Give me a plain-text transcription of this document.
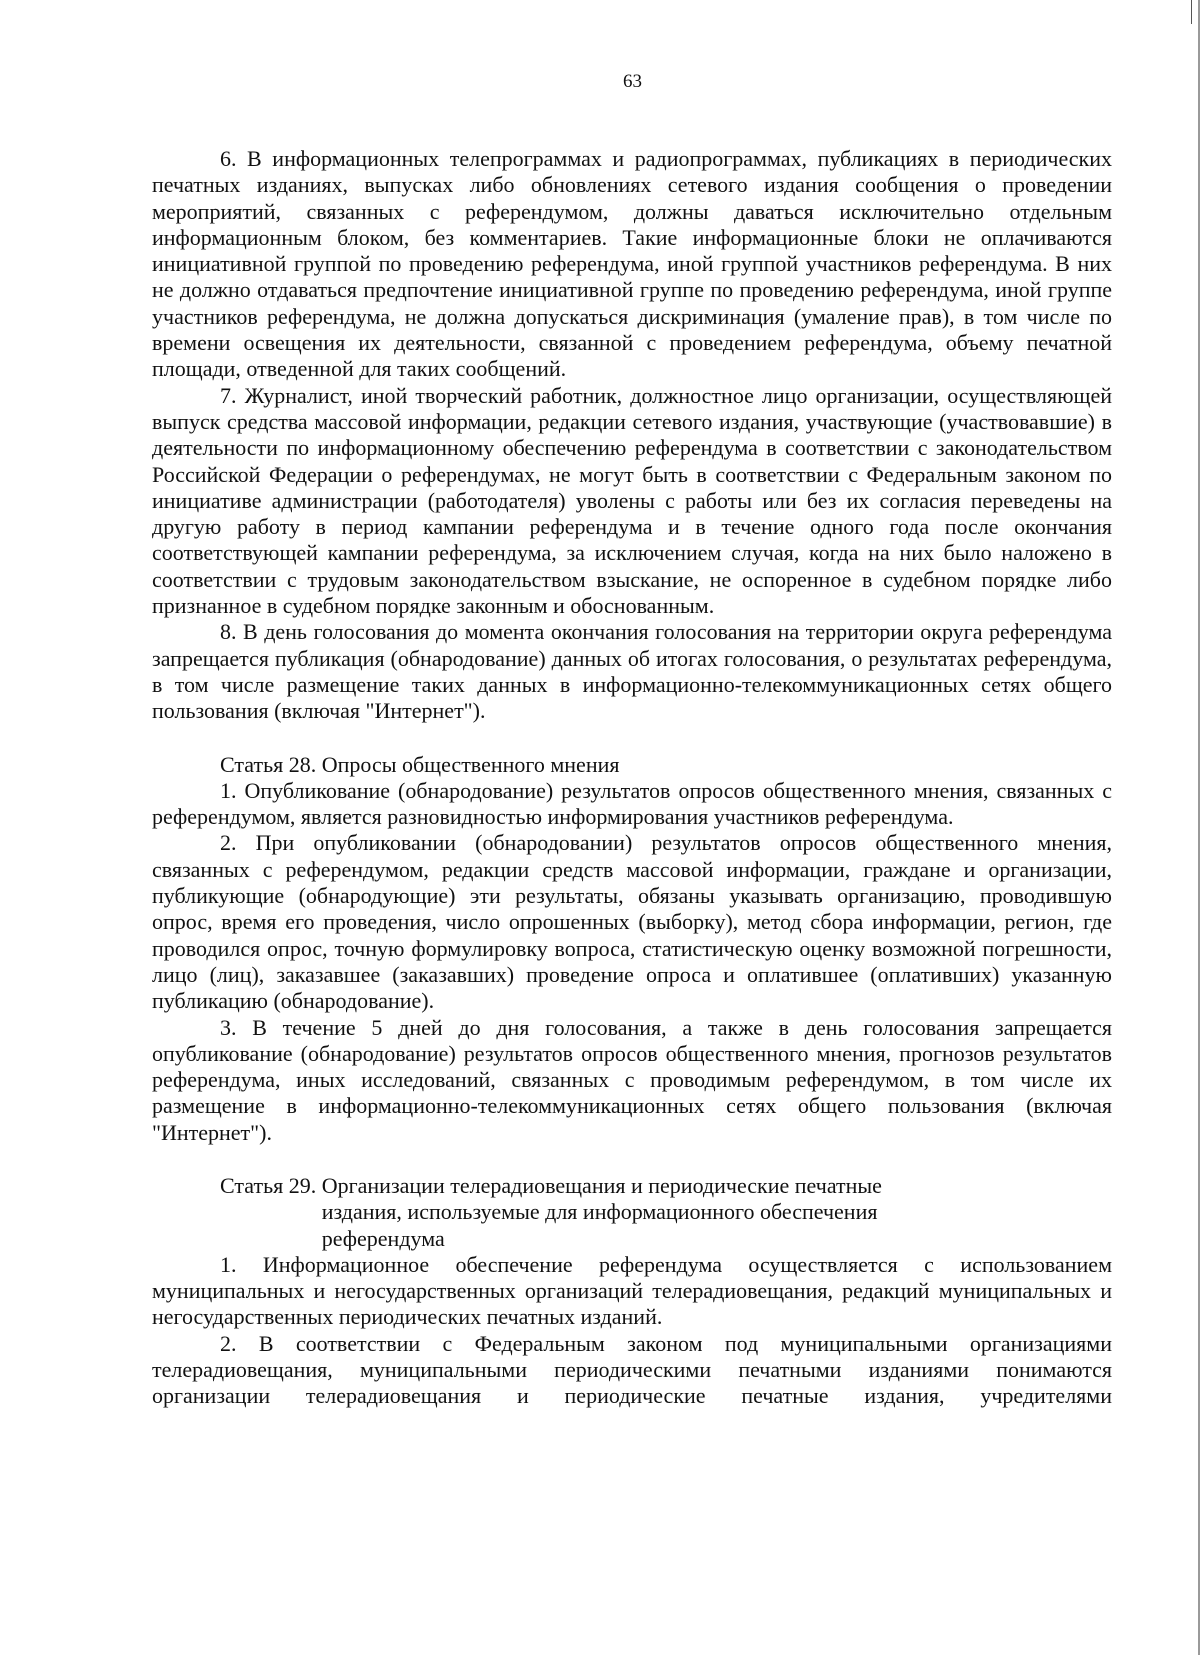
63

6. В информационных телепрограммах и радиопрограммах, публикациях в периодических печатных изданиях, выпусках либо обновлениях сетевого издания сообщения о проведении мероприятий, связанных с референдумом, должны даваться исключительно отдельным информационным блоком, без комментариев. Такие информационные блоки не оплачиваются инициативной группой по проведению референдума, иной группой участников референдума. В них не должно отдаваться предпочтение инициативной группе по проведению референдума, иной группе участников референдума, не должна допускаться дискриминация (умаление прав), в том числе по времени освещения их деятельности, связанной с проведением референдума, объему печатной площади, отведенной для таких сообщений.

7. Журналист, иной творческий работник, должностное лицо организации, осуществляющей выпуск средства массовой информации, редакции сетевого издания, участвующие (участвовавшие) в деятельности по информационному обеспечению референдума в соответствии с законодательством Российской Федерации о референдумах, не могут быть в соответствии с Федеральным законом по инициативе администрации (работодателя) уволены с работы или без их согласия переведены на другую работу в период кампании референдума и в течение одного года после окончания соответствующей кампании референдума, за исключением случая, когда на них было наложено в соответствии с трудовым законодательством взыскание, не оспоренное в судебном порядке либо признанное в судебном порядке законным и обоснованным.

8. В день голосования до момента окончания голосования на территории округа референдума запрещается публикация (обнародование) данных об итогах голосования, о результатах референдума, в том числе размещение таких данных в информационно-телекоммуникационных сетях общего пользования (включая "Интернет").

Статья 28. Опросы общественного мнения

1. Опубликование (обнародование) результатов опросов общественного мнения, связанных с референдумом, является разновидностью информирования участников референдума.

2. При опубликовании (обнародовании) результатов опросов общественного мнения, связанных с референдумом, редакции средств массовой информации, граждане и организации, публикующие (обнародующие) эти результаты, обязаны указывать организацию, проводившую опрос, время его проведения, число опрошенных (выборку), метод сбора информации, регион, где проводился опрос, точную формулировку вопроса, статистическую оценку возможной погрешности, лицо (лиц), заказавшее (заказавших) проведение опроса и оплатившее (оплативших) указанную публикацию (обнародование).

3. В течение 5 дней до дня голосования, а также в день голосования запрещается опубликование (обнародование) результатов опросов общественного мнения, прогнозов результатов референдума, иных исследований, связанных с проводимым референдумом, в том числе их размещение в информационно-телекоммуникационных сетях общего пользования (включая "Интернет").

Статья 29. Организации телерадиовещания и периодические печатные
издания, используемые для информационного обеспечения
референдума

1. Информационное обеспечение референдума осуществляется с использованием муниципальных и негосударственных организаций телерадиовещания, редакций муниципальных и негосударственных периодических печатных изданий.

2. В соответствии с Федеральным законом под муниципальными организациями телерадиовещания, муниципальными периодическими печатными изданиями понимаются организации телерадиовещания и периодические печатные издания, учредителями
